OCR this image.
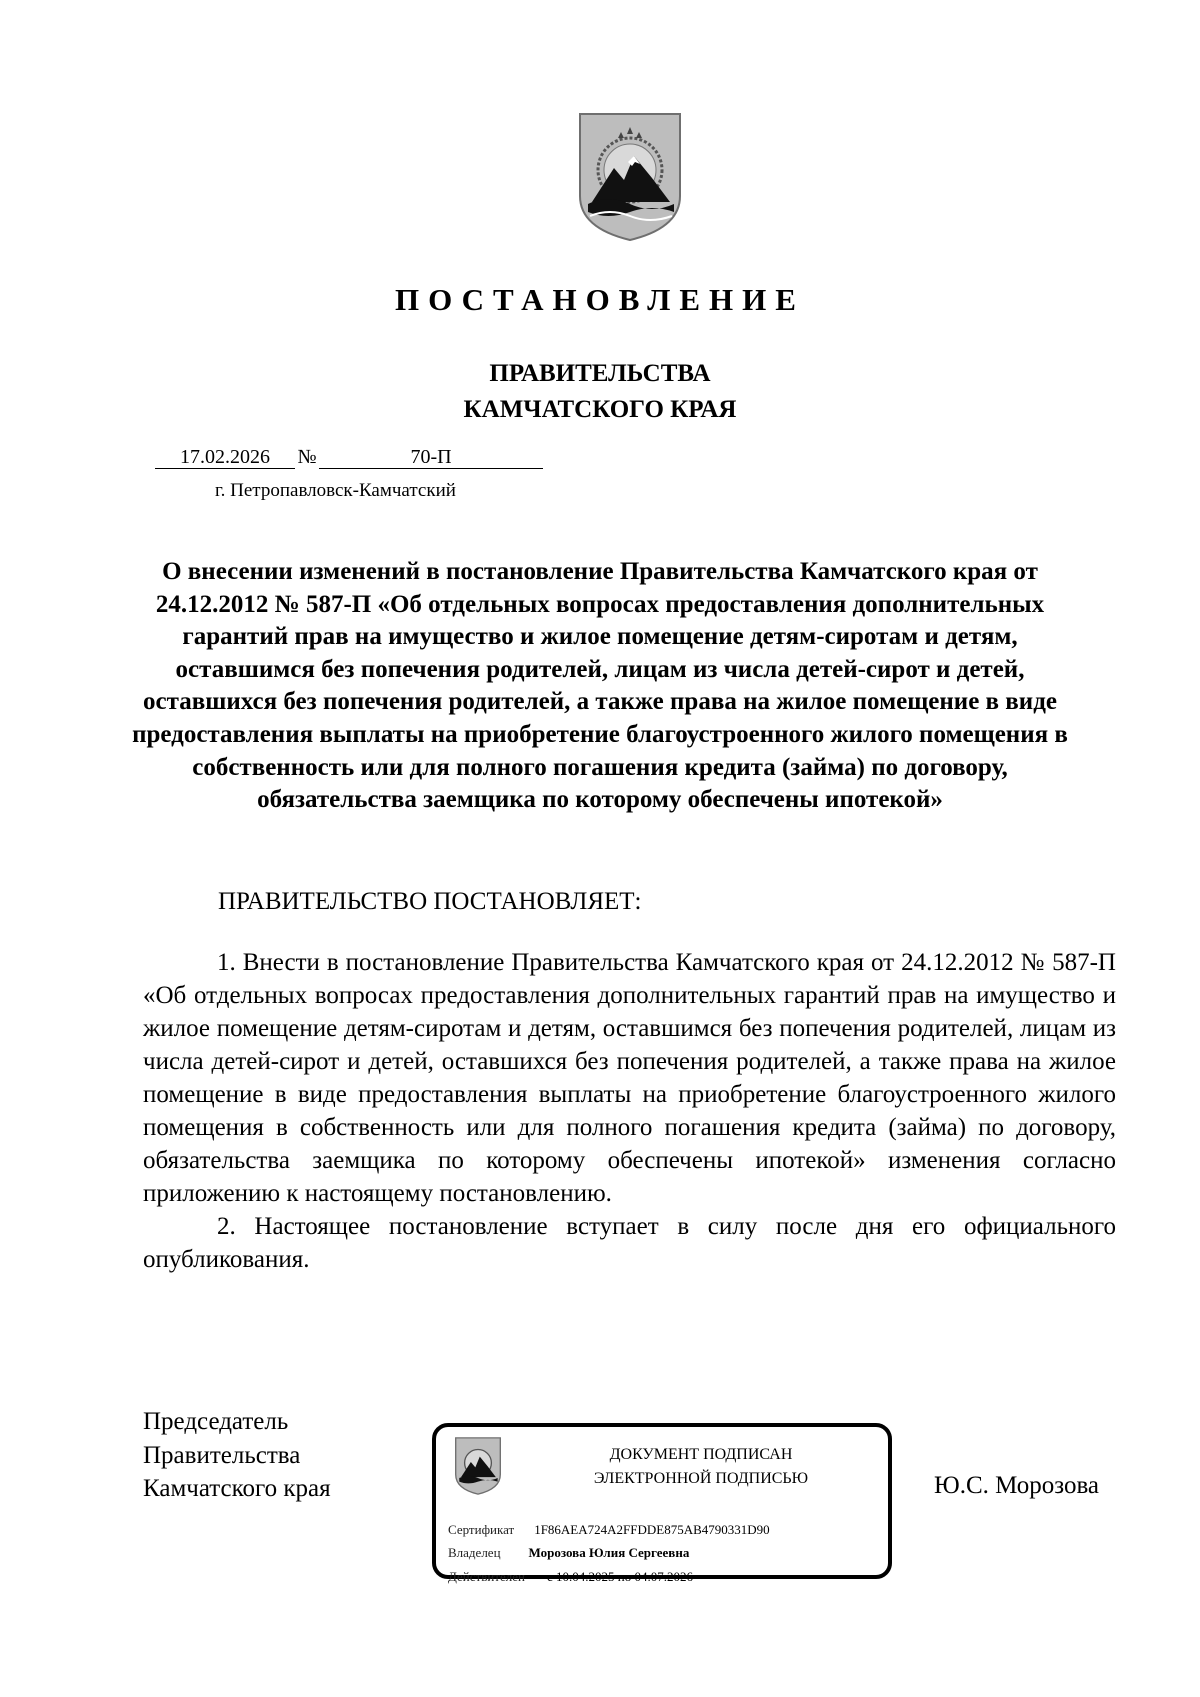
ПОСТАНОВЛЕНИЕ
ПРАВИТЕЛЬСТВА
КАМЧАТСКОГО КРАЯ
17.02.2026 №	70-П
г. Петропавловск-Камчатский
О внесении изменений в постановление Правительства Камчатского края от 24.12.2012 № 587-П «Об отдельных вопросах предоставления дополнительных гарантий прав на имущество и жилое помещение детям-сиротам и детям, оставшимся без попечения родителей, лицам из числа детей-сирот и детей, оставшихся без попечения родителей, а также права на жилое помещение в виде предоставления выплаты на приобретение благоустроенного жилого помещения в собственность или для полного погашения кредита (займа) по договору, обязательства заемщика по которому обеспечены ипотекой»
ПРАВИТЕЛЬСТВО ПОСТАНОВЛЯЕТ:

1. Внести в постановление Правительства Камчатского края от 24.12.2012 № 587-П «Об отдельных вопросах предоставления дополнительных гарантий прав на имущество и жилое помещение детям-сиротам и детям, оставшимся без попечения родителей, лицам из числа детей-сирот и детей, оставшихся без попечения родителей, а также права на жилое помещение в виде предоставления выплаты на приобретение благоустроенного жилого помещения в собственность или для полного погашения кредита (займа) по договору, обязательства заемщика по которому обеспечены ипотекой» изменения согласно приложению к настоящему постановлению.

2. Настоящее постановление вступает в силу после дня его официального опубликования.

Председатель
Правительства
Камчатского края
ДОКУМЕНТ ПОДПИСАН
ЭЛЕКТРОННОЙ ПОДПИСЬЮ
Сертификат 1F86AEA724A2FFDDE875AB4790331D90
Владелец Морозова Юлия Сергеевна
Действителен с 10.04.2025 по 04.07.2026
Ю.С. Морозова
